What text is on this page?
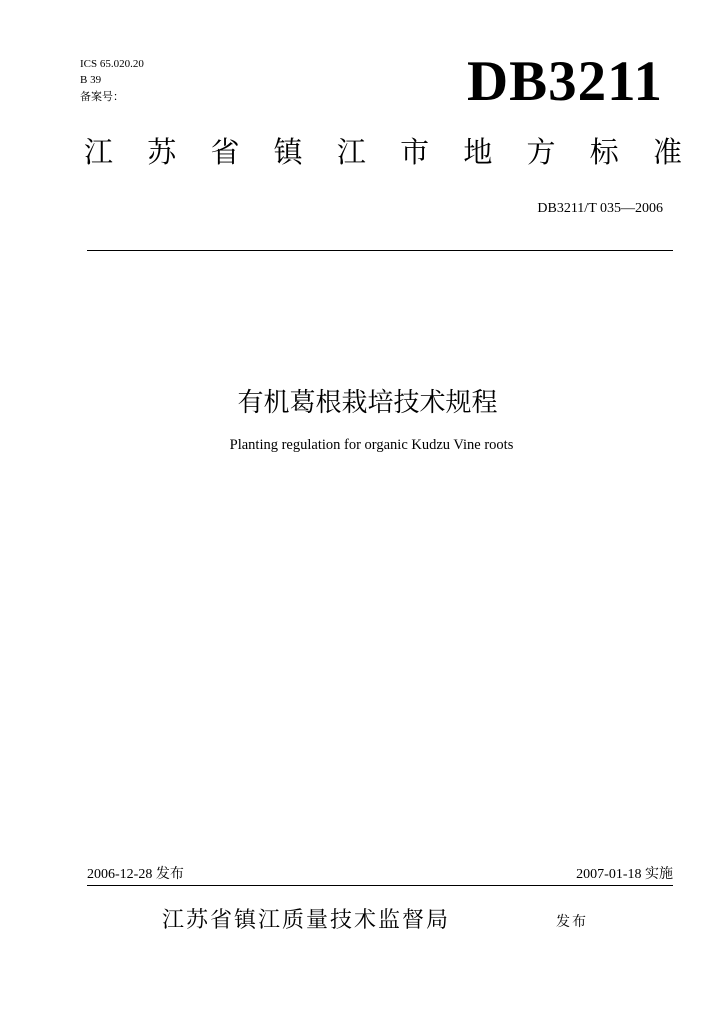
ICS 65.020.20
B 39
备案号：	DB3211
江 苏 省 镇 江 市 地 方 标 准
DB3211/T 035—2006
有机葛根栽培技术规程
Planting regulation for organic Kudzu Vine roots
2006-12-28 发布	2007-01-18 实施
江苏省镇江质量技术监督局	发布
